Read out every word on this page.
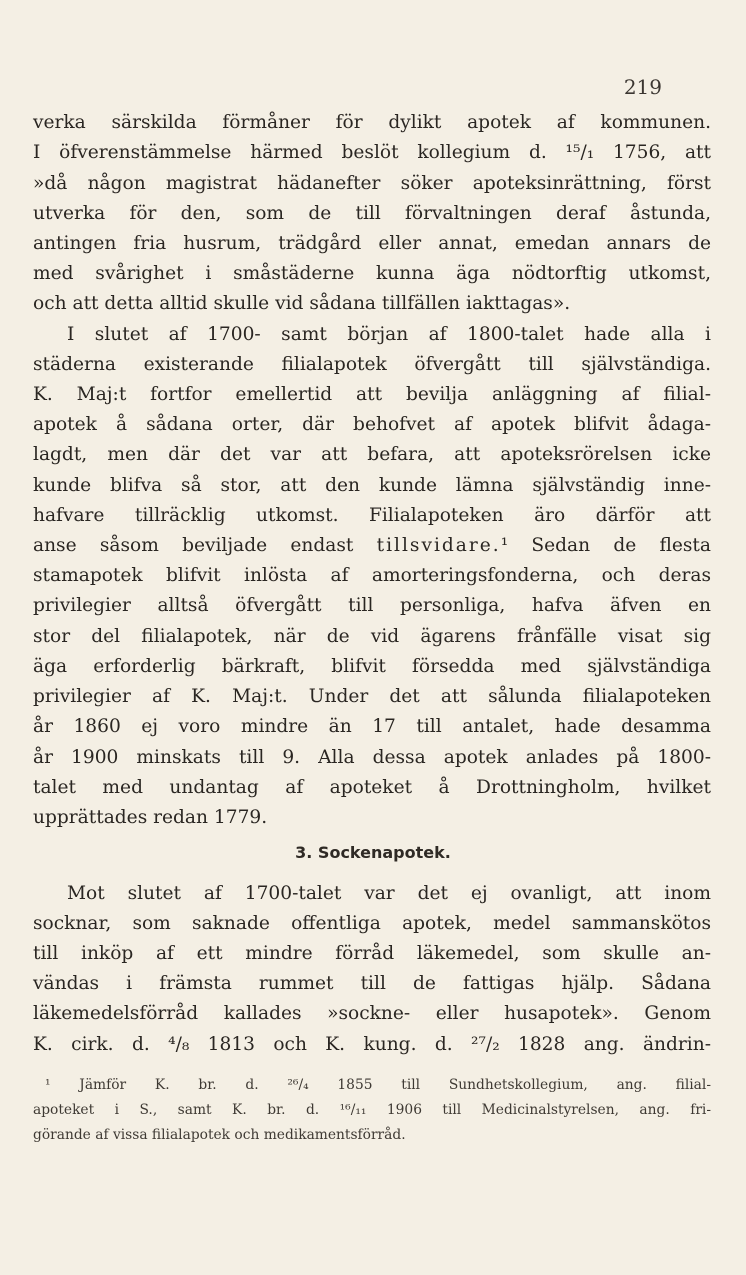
219
verka särskilda förmåner för dylikt apotek af kommunen.
I öfverenstämmelse härmed beslöt kollegium d. ¹⁵/₁ 1756, att
»då någon magistrat hädanefter söker apoteksinrättning, först
utverka för den, som de till förvaltningen deraf åstunda,
antingen fria husrum, trädgård eller annat, emedan annars de
med svårighet i småstäderne kunna äga nödtorftig utkomst,
och att detta alltid skulle vid sådana tillfällen iakttagas».
I slutet af 1700- samt början af 1800-talet hade alla i
städerna existerande filialapotek öfvergått till självständiga.
K. Maj:t fortfor emellertid att bevilja anläggning af filial-
apotek å sådana orter, där behofvet af apotek blifvit ådaga-
lagdt, men där det var att befara, att apoteksrörelsen icke
kunde blifva så stor, att den kunde lämna självständig inne-
hafvare tillräcklig utkomst. Filialapoteken äro därför att
anse såsom beviljade endast tillsvidare.¹ Sedan de flesta
stamapotek blifvit inlösta af amorteringsfonderna, och deras
privilegier alltså öfvergått till personliga, hafva äfven en
stor del filialapotek, när de vid ägarens frånfälle visat sig
äga erforderlig bärkraft, blifvit försedda med självständiga
privilegier af K. Maj:t. Under det att sålunda filialapoteken
år 1860 ej voro mindre än 17 till antalet, hade desamma
år 1900 minskats till 9. Alla dessa apotek anlades på 1800-
talet med undantag af apoteket å Drottningholm, hvilket
upprättades redan 1779.
3. Sockenapotek.
Mot slutet af 1700-talet var det ej ovanligt, att inom
socknar, som saknade offentliga apotek, medel sammanskötos
till inköp af ett mindre förråd läkemedel, som skulle an-
vändas i främsta rummet till de fattigas hjälp. Sådana
läkemedelsförråd kallades »sockne- eller husapotek». Genom
K. cirk. d. ⁴/₈ 1813 och K. kung. d. ²⁷/₂ 1828 ang. ändrin-
¹ Jämför K. br. d. ²⁶/₄ 1855 till Sundhetskollegium, ang. filial-
apoteket i S., samt K. br. d. ¹⁶/₁₁ 1906 till Medicinalstyrelsen, ang. fri-
görande af vissa filialapotek och medikamentsförråd.
